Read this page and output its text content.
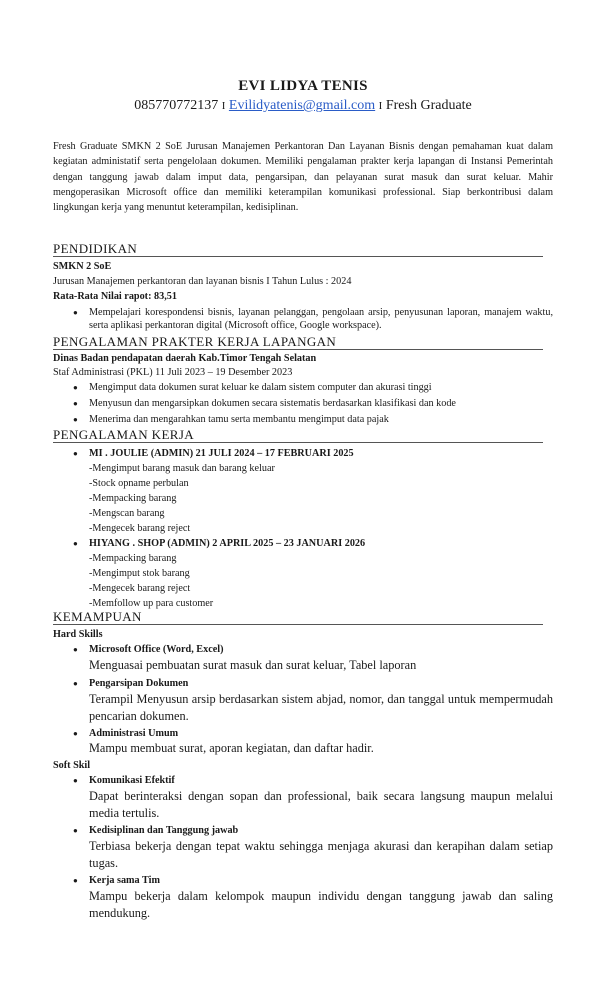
EVI LIDYA TENIS
085770772137 I Evilidyatenis@gmail.com I Fresh Graduate
Fresh Graduate SMKN 2 SoE Jurusan Manajemen Perkantoran Dan Layanan Bisnis dengan pemahaman kuat dalam kegiatan administatif serta pengelolaan dokumen. Memiliki pengalaman prakter kerja lapangan di Instansi Pemerintah dengan tanggung jawab dalam imput data, pengarsipan, dan pelayanan surat masuk dan surat keluar. Mahir mengoperasikan Microsoft office dan memiliki keterampilan komunikasi professional. Siap berkontribusi dalam lingkungan kerja yang menuntut keterampilan, kedisiplinan.
PENDIDIKAN
SMKN 2 SoE
Jurusan Manajemen perkantoran dan layanan bisnis I Tahun Lulus : 2024
Rata-Rata Nilai rapot: 83,51
● Mempelajari korespondensi bisnis, layanan pelanggan, pengolaan arsip, penyusunan laporan, manajem waktu, serta aplikasi perkantoran digital (Microsoft office, Google workspace).
PENGALAMAN PRAKTER KERJA LAPANGAN
Dinas Badan pendapatan daerah Kab.Timor Tengah Selatan
Staf Administrasi (PKL) 11 Juli 2023 – 19 Desember 2023
● Mengimput data dokumen surat keluar ke dalam sistem computer dan akurasi tinggi
● Menyusun dan mengarsipkan dokumen secara sistematis berdasarkan klasifikasi dan kode
● Menerima dan mengarahkan tamu serta membantu mengimput data pajak
PENGALAMAN KERJA
● MI . JOULIE (ADMIN) 21 JULI 2024 – 17 FEBRUARI 2025
-Mengimput barang masuk dan barang keluar
-Stock opname perbulan
-Mempacking barang
-Mengscan barang
-Mengecek barang reject
● HIYANG . SHOP (ADMIN) 2 APRIL 2025 – 23 JANUARI 2026
-Mempacking barang
-Mengimput stok barang
-Mengecek barang reject
-Memfollow up para customer
KEMAMPUAN
Hard Skills
● Microsoft Office (Word, Excel)
Menguasai pembuatan surat masuk dan surat keluar, Tabel laporan
● Pengarsipan Dokumen
Terampil Menyusun arsip berdasarkan sistem abjad, nomor, dan tanggal untuk mempermudah pencarian dokumen.
● Administrasi Umum
Mampu membuat surat, aporan kegiatan, dan daftar hadir.
Soft Skil
● Komunikasi Efektif
Dapat berinteraksi dengan sopan dan professional, baik secara langsung maupun melalui media tertulis.
● Kedisiplinan dan Tanggung jawab
Terbiasa bekerja dengan tepat waktu sehingga menjaga akurasi dan kerapihan dalam setiap tugas.
● Kerja sama Tim
Mampu bekerja dalam kelompok maupun individu dengan tanggung jawab dan saling mendukung.
